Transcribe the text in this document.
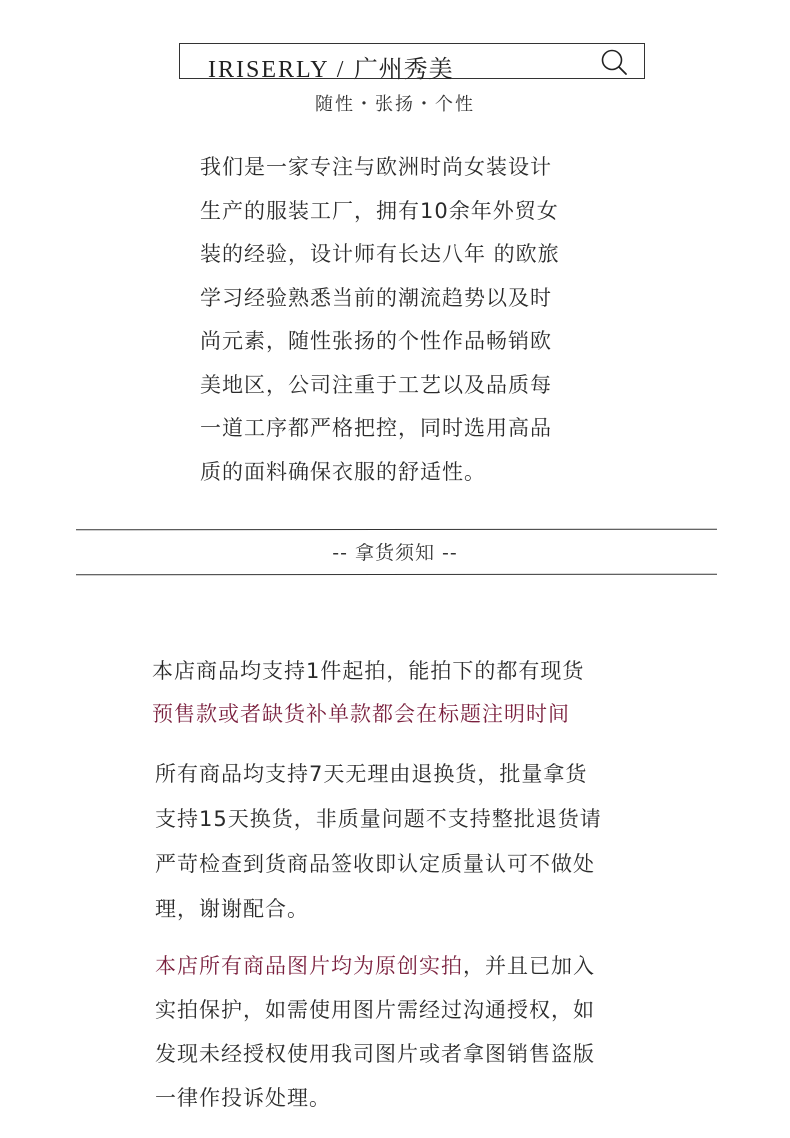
IRISERLY / 广州秀美
随性・张扬・个性

我们是一家专注与欧洲时尚女装设计

生产的服装工厂，拥有10余年外贸女

装的经验，设计师有长达八年 的欧旅

学习经验熟悉当前的潮流趋势以及时

尚元素，随性张扬的个性作品畅销欧

美地区，公司注重于工艺以及品质每

一道工序都严格把控，同时选用高品

质的面料确保衣服的舒适性。

-- 拿货须知 --

本店商品均支持1件起拍，能拍下的都有现货

预售款或者缺货补单款都会在标题注明时间

所有商品均支持7天无理由退换货，批量拿货

支持15天换货，非质量问题不支持整批退货请

严苛检查到货商品签收即认定质量认可不做处

理，谢谢配合。

本店所有商品图片均为原创实拍，并且已加入

实拍保护，如需使用图片需经过沟通授权，如

发现未经授权使用我司图片或者拿图销售盗版

一律作投诉处理。
